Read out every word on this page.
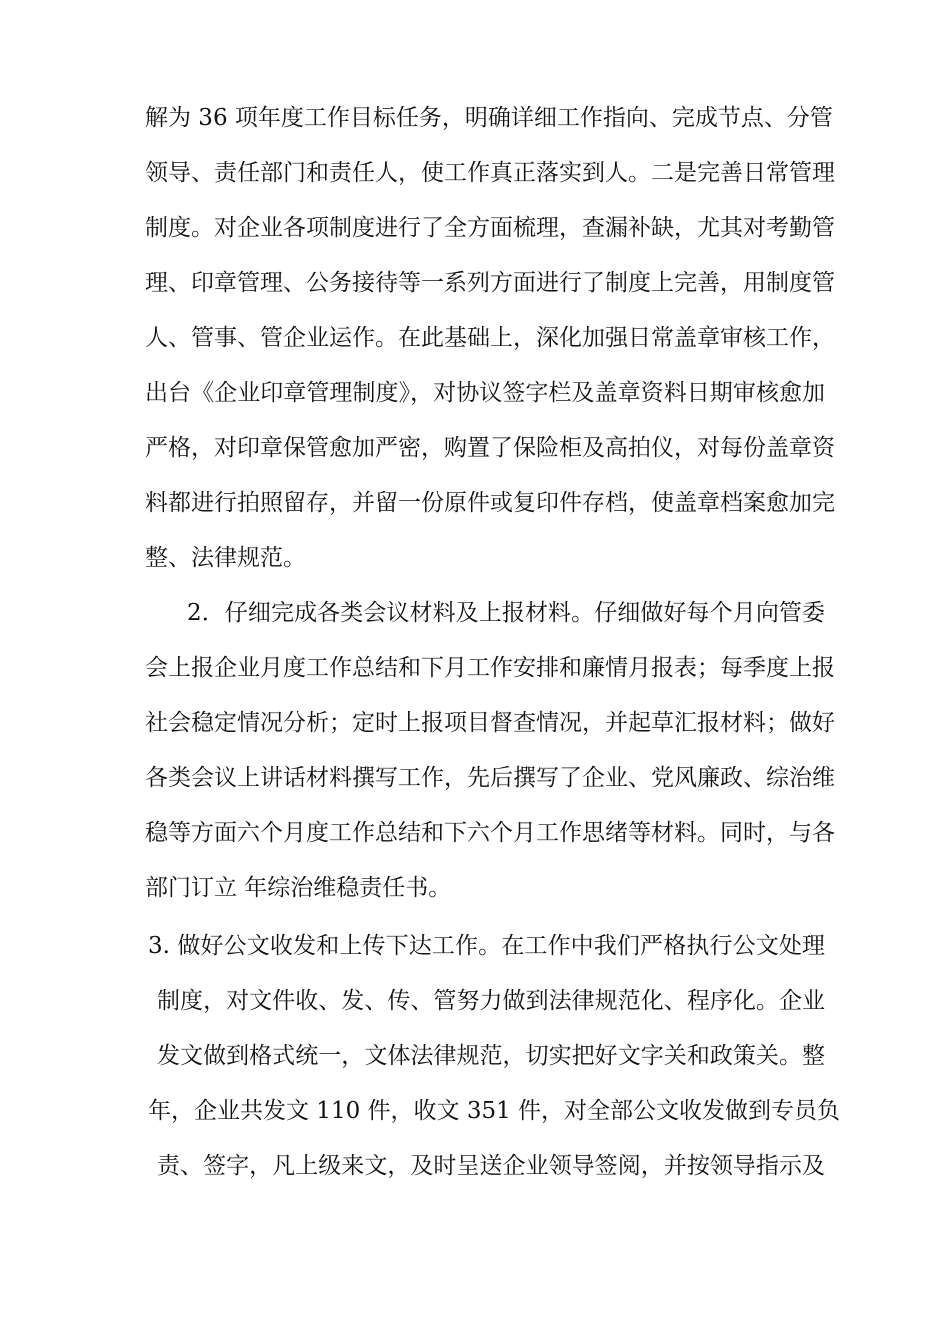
解为 36 项年度工作目标任务，明确详细工作指向、完成节点、分管
领导、责任部门和责任人，使工作真正落实到人。二是完善日常管理
制度。对企业各项制度进行了全方面梳理，查漏补缺，尤其对考勤管
理、印章管理、公务接待等一系列方面进行了制度上完善，用制度管
人、管事、管企业运作。在此基础上，深化加强日常盖章审核工作，
出台《企业印章管理制度》，对协议签字栏及盖章资料日期审核愈加
严格，对印章保管愈加严密，购置了保险柜及高拍仪，对每份盖章资
料都进行拍照留存，并留一份原件或复印件存档，使盖章档案愈加完
整、法律规范。
2．仔细完成各类会议材料及上报材料。仔细做好每个月向管委
会上报企业月度工作总结和下月工作安排和廉情月报表；每季度上报
社会稳定情况分析；定时上报项目督查情况，并起草汇报材料；做好
各类会议上讲话材料撰写工作，先后撰写了企业、党风廉政、综治维
稳等方面六个月度工作总结和下六个月工作思绪等材料。同时，与各
部门订立 年综治维稳责任书。
3. 做好公文收发和上传下达工作。在工作中我们严格执行公文处理
制度，对文件收、发、传、管努力做到法律规范化、程序化。企业
发文做到格式统一，文体法律规范，切实把好文字关和政策关。整
年，企业共发文 110 件，收文 351 件，对全部公文收发做到专员负
责、签字，凡上级来文，及时呈送企业领导签阅，并按领导指示及
